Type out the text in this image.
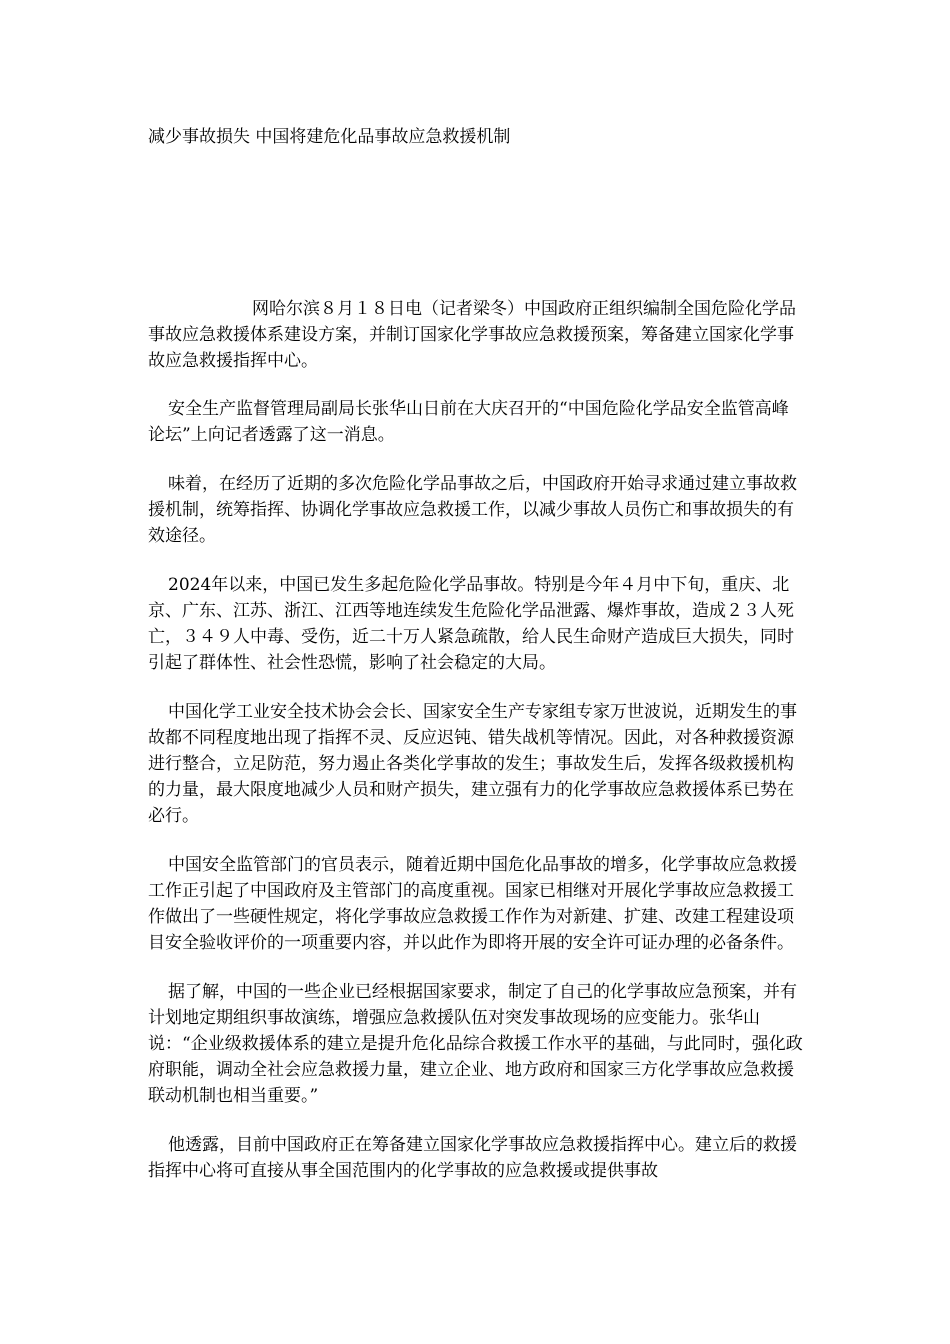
减少事故损失 中国将建危化品事故应急救援机制

网哈尔滨８月１８日电（记者梁冬）中国政府正组织编制全国危险化学品事故应急救援体系建设方案，并制订国家化学事故应急救援预案，筹备建立国家化学事故应急救援指挥中心。

安全生产监督管理局副局长张华山日前在大庆召开的“中国危险化学品安全监管高峰论坛”上向记者透露了这一消息。

味着，在经历了近期的多次危险化学品事故之后，中国政府开始寻求通过建立事故救援机制，统筹指挥、协调化学事故应急救援工作，以减少事故人员伤亡和事故损失的有效途径。

2024年以来，中国已发生多起危险化学品事故。特别是今年４月中下旬，重庆、北京、广东、江苏、浙江、江西等地连续发生危险化学品泄露、爆炸事故，造成２３人死亡，３４９人中毒、受伤，近二十万人紧急疏散，给人民生命财产造成巨大损失，同时引起了群体性、社会性恐慌，影响了社会稳定的大局。

中国化学工业安全技术协会会长、国家安全生产专家组专家万世波说，近期发生的事故都不同程度地出现了指挥不灵、反应迟钝、错失战机等情况。因此，对各种救援资源进行整合，立足防范，努力遏止各类化学事故的发生；事故发生后，发挥各级救援机构的力量，最大限度地减少人员和财产损失，建立强有力的化学事故应急救援体系已势在必行。

中国安全监管部门的官员表示，随着近期中国危化品事故的增多，化学事故应急救援工作正引起了中国政府及主管部门的高度重视。国家已相继对开展化学事故应急救援工作做出了一些硬性规定，将化学事故应急救援工作作为对新建、扩建、改建工程建设项目安全验收评价的一项重要内容，并以此作为即将开展的安全许可证办理的必备条件。

据了解，中国的一些企业已经根据国家要求，制定了自己的化学事故应急预案，并有计划地定期组织事故演练，增强应急救援队伍对突发事故现场的应变能力。张华山说：“企业级救援体系的建立是提升危化品综合救援工作水平的基础，与此同时，强化政府职能，调动全社会应急救援力量，建立企业、地方政府和国家三方化学事故应急救援联动机制也相当重要。”

他透露，目前中国政府正在筹备建立国家化学事故应急救援指挥中心。建立后的救援指挥中心将可直接从事全国范围内的化学事故的应急救援或提供事故
